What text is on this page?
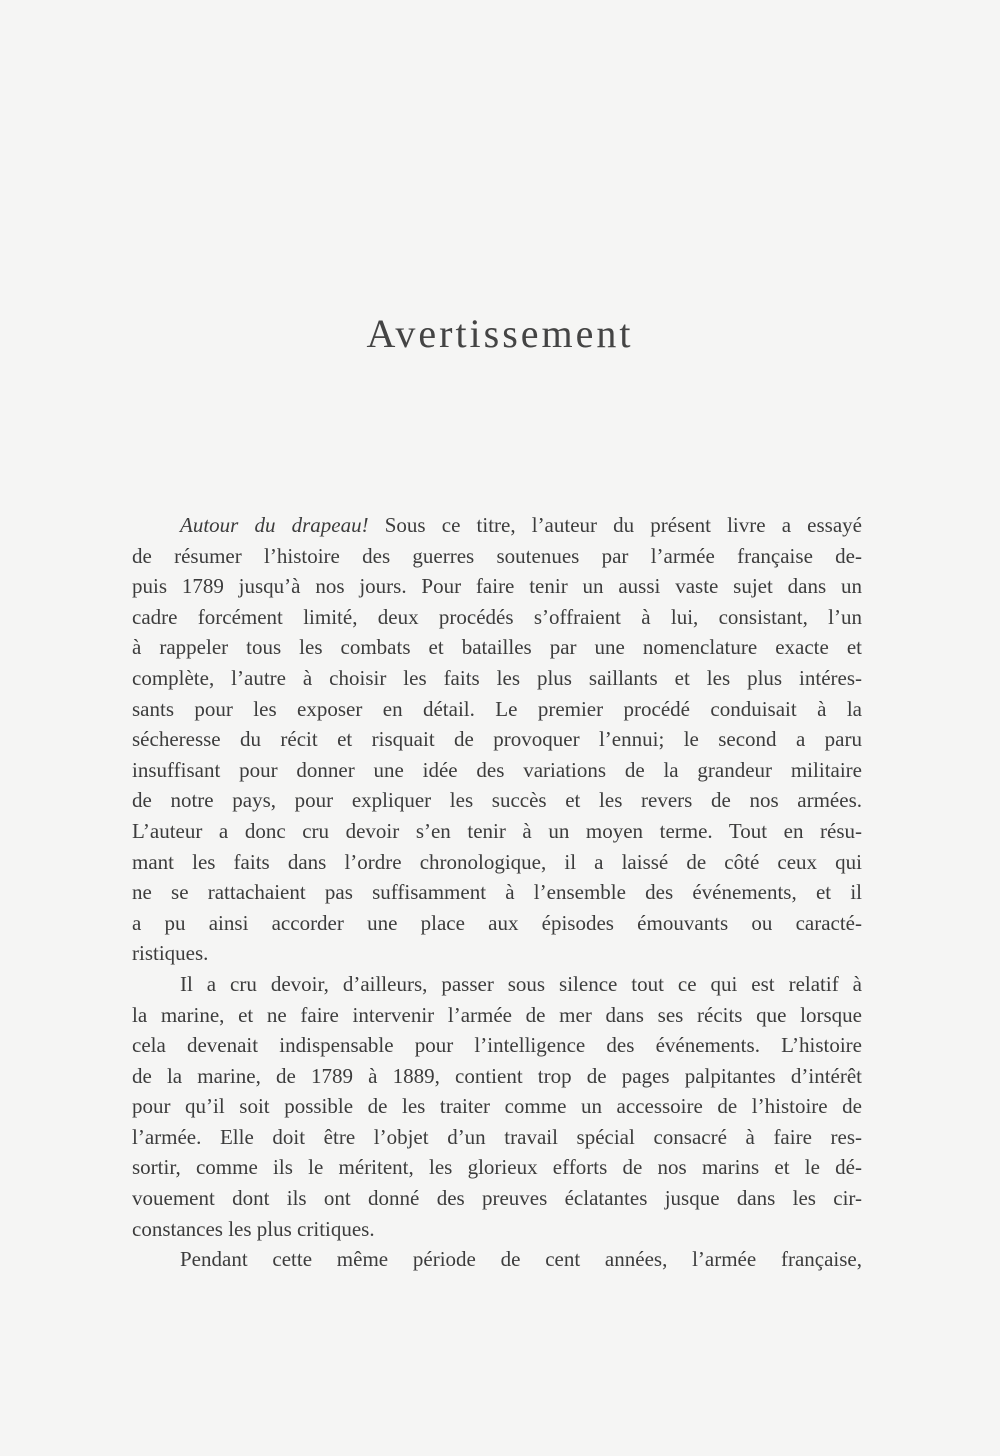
Avertissement
Autour du drapeau! Sous ce titre, l’auteur du présent livre a essayé
de résumer l’histoire des guerres soutenues par l’armée française de-
puis 1789 jusqu’à nos jours. Pour faire tenir un aussi vaste sujet dans un
cadre forcément limité, deux procédés s’offraient à lui, consistant, l’un
à rappeler tous les combats et batailles par une nomenclature exacte et
complète, l’autre à choisir les faits les plus saillants et les plus intéres-
sants pour les exposer en détail. Le premier procédé conduisait à la
sécheresse du récit et risquait de provoquer l’ennui; le second a paru
insuffisant pour donner une idée des variations de la grandeur militaire
de notre pays, pour expliquer les succès et les revers de nos armées.
L’auteur a donc cru devoir s’en tenir à un moyen terme. Tout en résu-
mant les faits dans l’ordre chronologique, il a laissé de côté ceux qui
ne se rattachaient pas suffisamment à l’ensemble des événements, et il
a pu ainsi accorder une place aux épisodes émouvants ou caracté-
ristiques.
Il a cru devoir, d’ailleurs, passer sous silence tout ce qui est relatif à
la marine, et ne faire intervenir l’armée de mer dans ses récits que lorsque
cela devenait indispensable pour l’intelligence des événements. L’histoire
de la marine, de 1789 à 1889, contient trop de pages palpitantes d’intérêt
pour qu’il soit possible de les traiter comme un accessoire de l’histoire de
l’armée. Elle doit être l’objet d’un travail spécial consacré à faire res-
sortir, comme ils le méritent, les glorieux efforts de nos marins et le dé-
vouement dont ils ont donné des preuves éclatantes jusque dans les cir-
constances les plus critiques.
Pendant cette même période de cent années, l’armée française,
